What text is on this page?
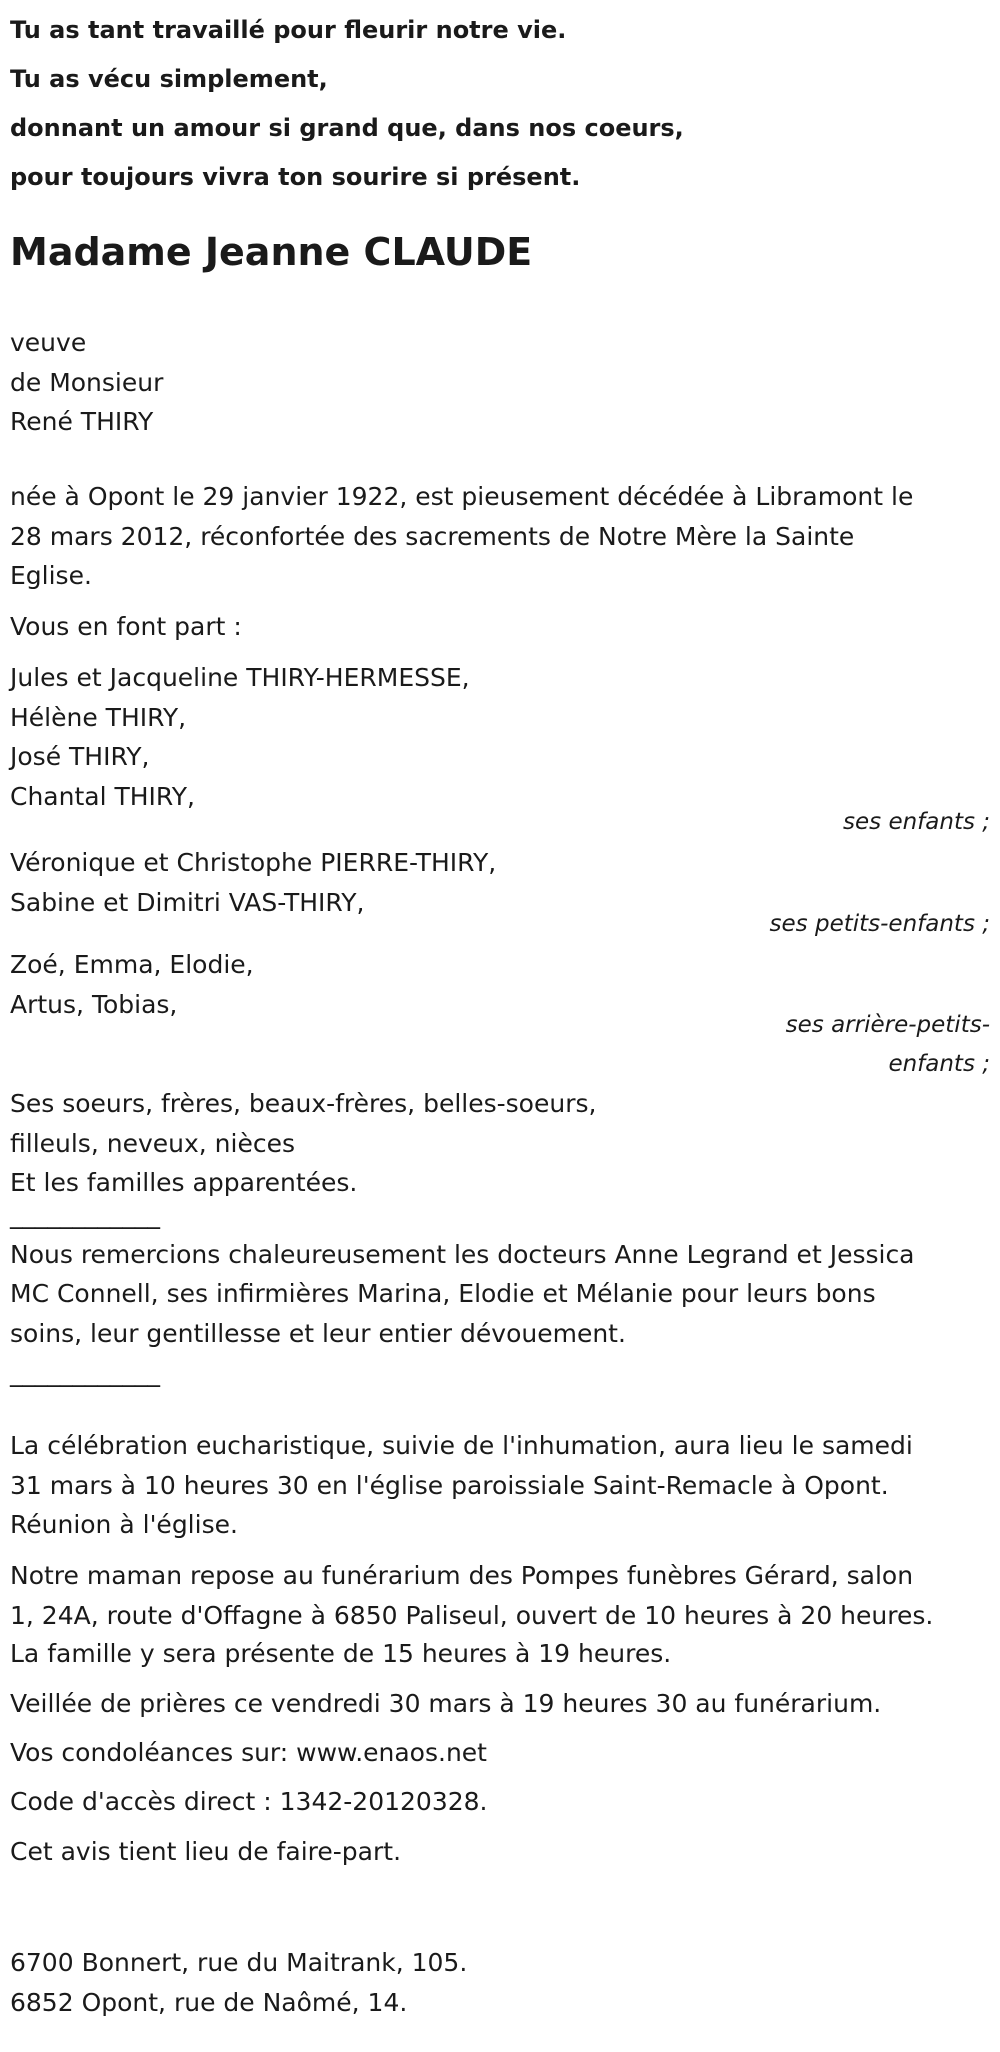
Tu as tant travaillé pour fleurir notre vie.
Tu as vécu simplement,
donnant un amour si grand que, dans nos coeurs,
pour toujours vivra ton sourire si présent.
Madame Jeanne CLAUDE
veuve
de Monsieur
René THIRY
née à Opont le 29 janvier 1922, est pieusement décédée à Libramont le
28 mars 2012, réconfortée des sacrements de Notre Mère la Sainte
Eglise.
Vous en font part :
Jules et Jacqueline THIRY-HERMESSE,
Hélène THIRY,
José THIRY,
Chantal THIRY,
ses enfants ;
Véronique et Christophe PIERRE-THIRY,
Sabine et Dimitri VAS-THIRY,
ses petits-enfants ;
Zoé, Emma, Elodie,
Artus, Tobias,
ses arrière-petits-
enfants ;
Ses soeurs, frères, beaux-frères, belles-soeurs,
filleuls, neveux, nièces
Et les familles apparentées.
____________
Nous remercions chaleureusement les docteurs Anne Legrand et Jessica
MC Connell, ses infirmières Marina, Elodie et Mélanie pour leurs bons
soins, leur gentillesse et leur entier dévouement.
____________
La célébration eucharistique, suivie de l'inhumation, aura lieu le samedi
31 mars à 10 heures 30 en l'église paroissiale Saint-Remacle à Opont.
Réunion à l'église.
Notre maman repose au funérarium des Pompes funèbres Gérard, salon
1, 24A, route d'Offagne à 6850 Paliseul, ouvert de 10 heures à 20 heures.
La famille y sera présente de 15 heures à 19 heures.
Veillée de prières ce vendredi 30 mars à 19 heures 30 au funérarium.
Vos condoléances sur: www.enaos.net
Code d'accès direct : 1342-20120328.
Cet avis tient lieu de faire-part.
6700 Bonnert, rue du Maitrank, 105.
6852 Opont, rue de Naômé, 14.
